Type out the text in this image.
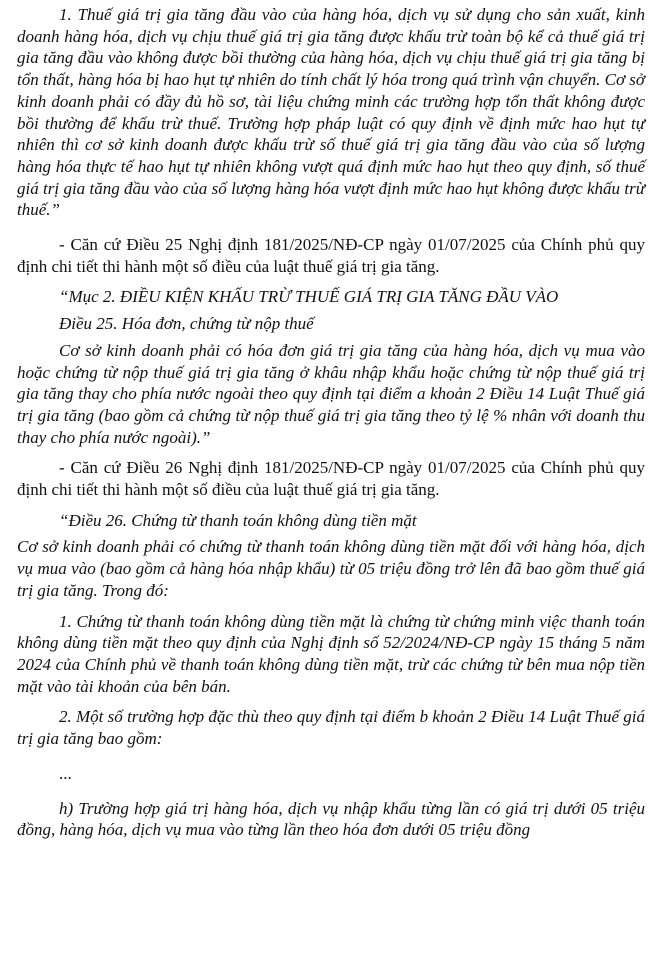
1. Thuế giá trị gia tăng đầu vào của hàng hóa, dịch vụ sử dụng cho sản xuất, kinh doanh hàng hóa, dịch vụ chịu thuế giá trị gia tăng được khấu trừ toàn bộ kể cả thuế giá trị gia tăng đầu vào không được bồi thường của hàng hóa, dịch vụ chịu thuế giá trị gia tăng bị tổn thất, hàng hóa bị hao hụt tự nhiên do tính chất lý hóa trong quá trình vận chuyển. Cơ sở kinh doanh phải có đầy đủ hồ sơ, tài liệu chứng minh các trường hợp tổn thất không được bồi thường để khấu trừ thuế. Trường hợp pháp luật có quy định về định mức hao hụt tự nhiên thì cơ sở kinh doanh được khấu trừ số thuế giá trị gia tăng đầu vào của số lượng hàng hóa thực tế hao hụt tự nhiên không vượt quá định mức hao hụt theo quy định, số thuế giá trị gia tăng đầu vào của số lượng hàng hóa vượt định mức hao hụt không được khấu trừ thuế.”

- Căn cứ Điều 25 Nghị định 181/2025/NĐ-CP ngày 01/07/2025 của Chính phủ quy định chi tiết thi hành một số điều của luật thuế giá trị gia tăng.

“Mục 2. ĐIỀU KIỆN KHẤU TRỪ THUẾ GIÁ TRỊ GIA TĂNG ĐẦU VÀO

Điều 25. Hóa đơn, chứng từ nộp thuế

Cơ sở kinh doanh phải có hóa đơn giá trị gia tăng của hàng hóa, dịch vụ mua vào hoặc chứng từ nộp thuế giá trị gia tăng ở khâu nhập khẩu hoặc chứng từ nộp thuế giá trị gia tăng thay cho phía nước ngoài theo quy định tại điểm a khoản 2 Điều 14 Luật Thuế giá trị gia tăng (bao gồm cả chứng từ nộp thuế giá trị gia tăng theo tỷ lệ % nhân với doanh thu thay cho phía nước ngoài).”

- Căn cứ Điều 26 Nghị định 181/2025/NĐ-CP ngày 01/07/2025 của Chính phủ quy định chi tiết thi hành một số điều của luật thuế giá trị gia tăng.

“Điều 26. Chứng từ thanh toán không dùng tiền mặt

Cơ sở kinh doanh phải có chứng từ thanh toán không dùng tiền mặt đối với hàng hóa, dịch vụ mua vào (bao gồm cả hàng hóa nhập khẩu) từ 05 triệu đồng trở lên đã bao gồm thuế giá trị gia tăng. Trong đó:

1. Chứng từ thanh toán không dùng tiền mặt là chứng từ chứng minh việc thanh toán không dùng tiền mặt theo quy định của Nghị định số 52/2024/NĐ-CP ngày 15 tháng 5 năm 2024 của Chính phủ về thanh toán không dùng tiền mặt, trừ các chứng từ bên mua nộp tiền mặt vào tài khoản của bên bán.

2. Một số trường hợp đặc thù theo quy định tại điểm b khoản 2 Điều 14 Luật Thuế giá trị gia tăng bao gồm:

...

h) Trường hợp giá trị hàng hóa, dịch vụ nhập khẩu từng lần có giá trị dưới 05 triệu đồng, hàng hóa, dịch vụ mua vào từng lần theo hóa đơn dưới 05 triệu đồng
